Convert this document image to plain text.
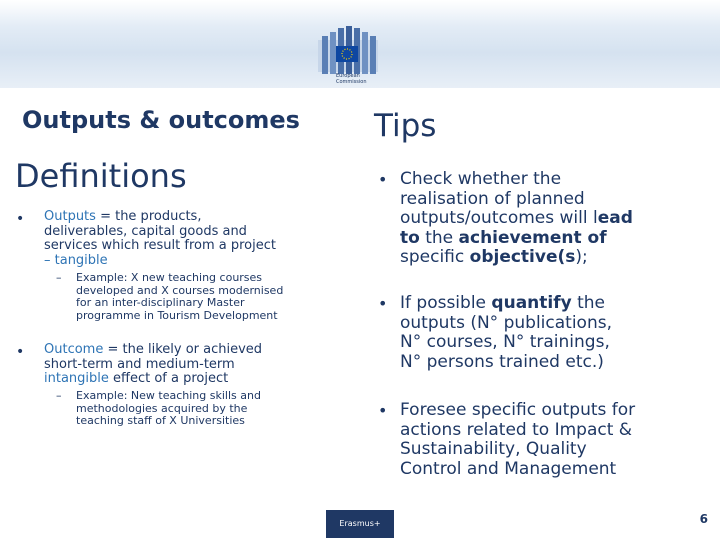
European
Commission
Outputs & outcomes Tips
Definitions
• Outputs = the products,
deliverables, capital goods and
services which result from a project
– tangible
– Example: X new teaching courses
developed and X courses modernised
for an inter-disciplinary Master
programme in Tourism Development
• Outcome = the likely or achieved
short-term and medium-term
intangible effect of a project
– Example: New teaching skills and
methodologies acquired by the
teaching staff of X Universities
• Check whether the
realisation of planned
outputs/outcomes will lead
to the achievement of
specific objective(s);
• If possible quantify the
outputs (N° publications,
N° courses, N° trainings,
N° persons trained etc.)
• Foresee specific outputs for
actions related to Impact &
Sustainability, Quality
Control and Management
Erasmus+	6
